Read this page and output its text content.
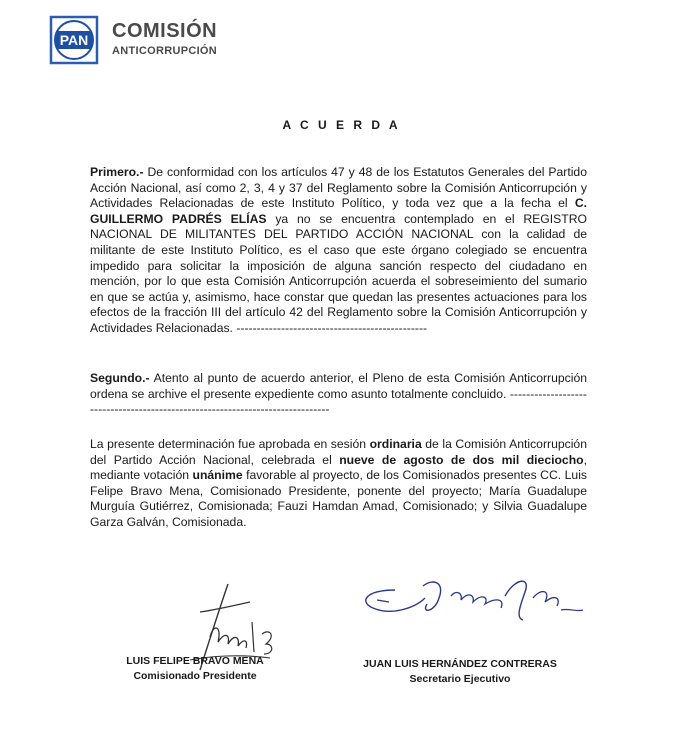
PAN COMISIÓN
ANTICORRUPCIÓN
A C U E R D A

Primero.- De conformidad con los artículos 47 y 48 de los Estatutos Generales del Partido Acción Nacional, así como 2, 3, 4 y 37 del Reglamento sobre la Comisión Anticorrupción y Actividades Relacionadas de este Instituto Político, y toda vez que a la fecha el C. GUILLERMO PADRÉS ELÍAS ya no se encuentra contemplado en el REGISTRO NACIONAL DE MILITANTES DEL PARTIDO ACCIÓN NACIONAL con la calidad de militante de este Instituto Político, es el caso que este órgano colegiado se encuentra impedido para solicitar la imposición de alguna sanción respecto del ciudadano en mención, por lo que esta Comisión Anticorrupción acuerda el sobreseimiento del sumario en que se actúa y, asimismo, hace constar que quedan las presentes actuaciones para los efectos de la fracción III del artículo 42 del Reglamento sobre la Comisión Anticorrupción y Actividades Relacionadas. -----------------------------------------------

Segundo.- Atento al punto de acuerdo anterior, el Pleno de esta Comisión Anticorrupción ordena se archive el presente expediente como asunto totalmente concluido. ------------------------------------------------------------------------------

La presente determinación fue aprobada en sesión ordinaria de la Comisión Anticorrupción del Partido Acción Nacional, celebrada el nueve de agosto de dos mil dieciocho, mediante votación unánime favorable al proyecto, de los Comisionados presentes CC. Luis Felipe Bravo Mena, Comisionado Presidente, ponente del proyecto; María Guadalupe Murguía Gutiérrez, Comisionada; Fauzi Hamdan Amad, Comisionado; y Silvia Guadalupe Garza Galván, Comisionada.

LUIS FELIPE BRAVO MENA
Comisionado Presidente
JUAN LUIS HERNÁNDEZ CONTRERAS
Secretario Ejecutivo
